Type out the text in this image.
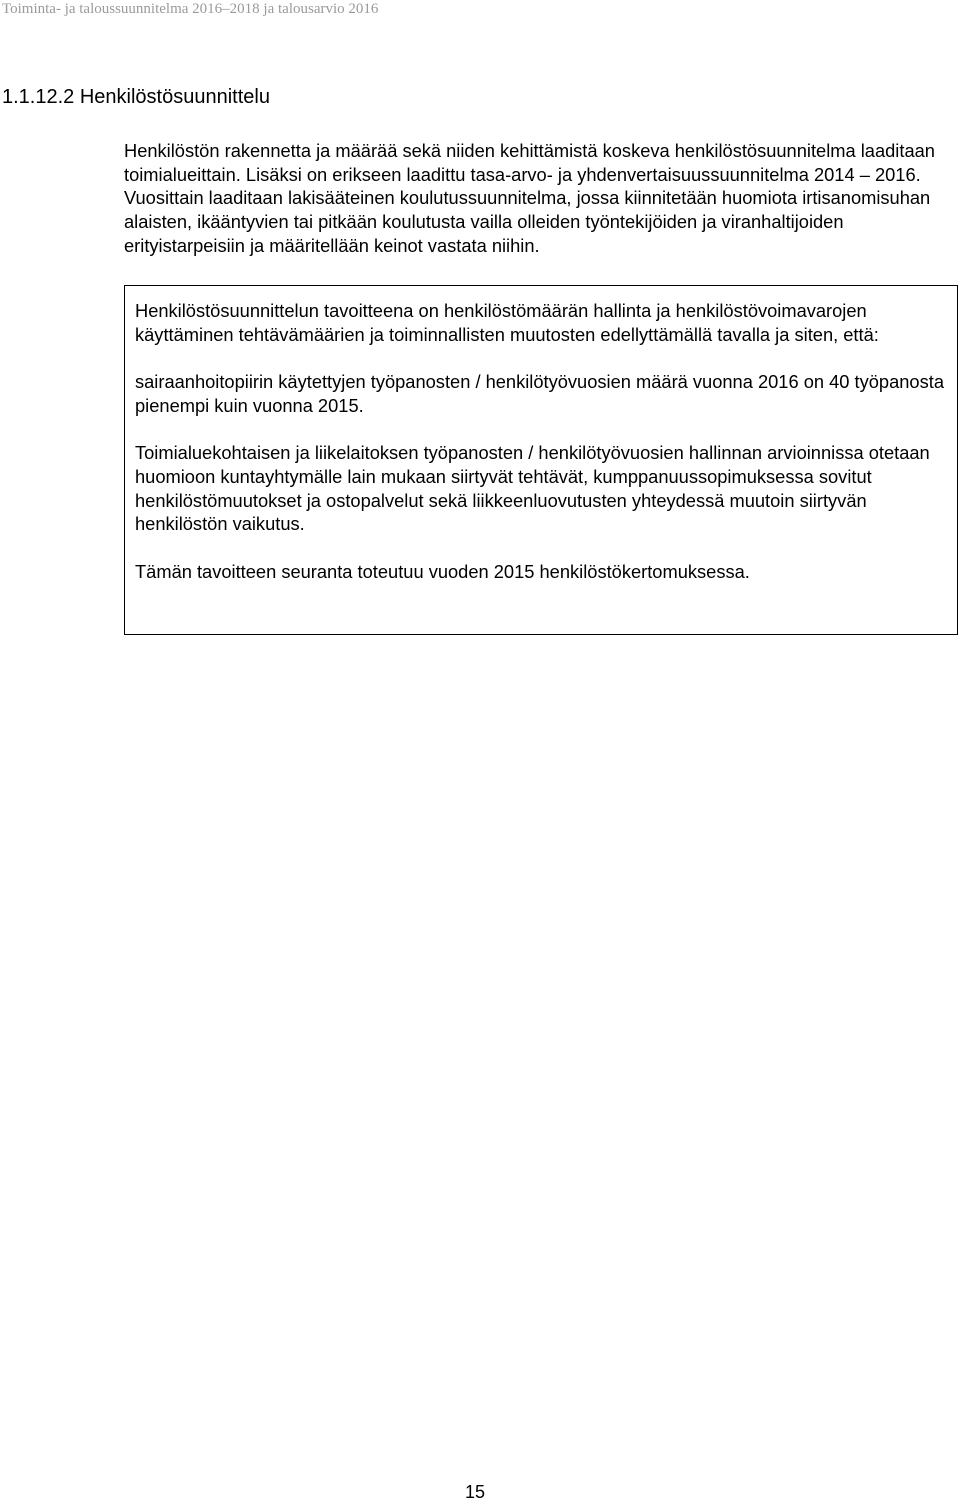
Toiminta- ja taloussuunnitelma 2016–2018 ja talousarvio 2016
1.1.12.2 Henkilöstösuunnittelu

Henkilöstön rakennetta ja määrää sekä niiden kehittämistä koskeva henkilöstösuunnitelma laaditaan toimialueittain. Lisäksi on erikseen laadittu tasa-arvo- ja yhdenvertaisuussuunnitelma 2014 – 2016. Vuosittain laaditaan lakisääteinen koulutussuunnitelma, jossa kiinnitetään huomiota irtisanomisuhan alaisten, ikääntyvien tai pitkään koulutusta vailla olleiden työntekijöiden ja viranhaltijoiden erityistarpeisiin ja määritellään keinot vastata niihin.

Henkilöstösuunnittelun tavoitteena on henkilöstömäärän hallinta ja henkilöstövoimavarojen käyttäminen tehtävämäärien ja toiminnallisten muutosten edellyttämällä tavalla ja siten, että:

sairaanhoitopiirin käytettyjen työpanosten / henkilötyövuosien määrä vuonna 2016 on 40 työpanosta pienempi kuin vuonna 2015.

Toimialuekohtaisen ja liikelaitoksen työpanosten / henkilötyövuosien hallinnan arvioinnissa otetaan huomioon kuntayhtymälle lain mukaan siirtyvät tehtävät, kumppanuussopimuksessa sovitut henkilöstömuutokset ja ostopalvelut sekä liikkeenluovutusten yhteydessä muutoin siirtyvän henkilöstön vaikutus.

Tämän tavoitteen seuranta toteutuu vuoden 2015 henkilöstökertomuksessa.

15
